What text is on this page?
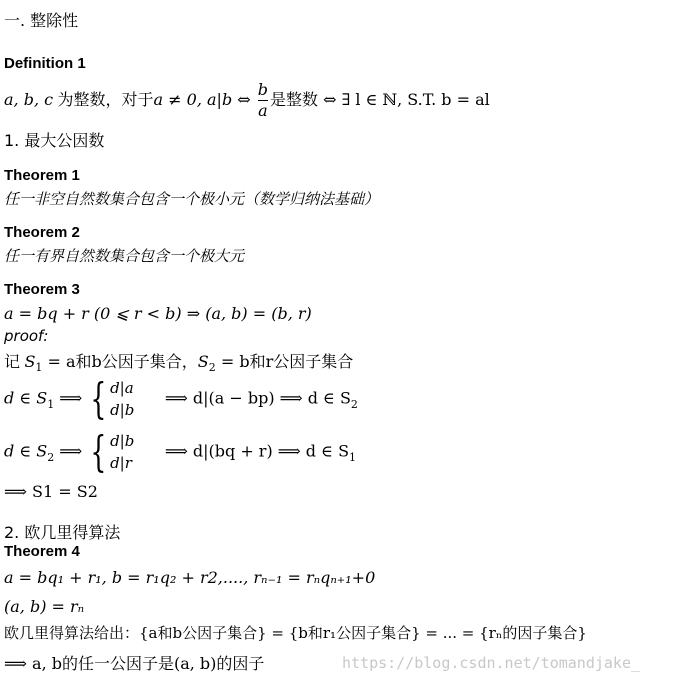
一. 整除性
Definition 1
a, b, c 为整数，对于a ≠ 0, a|b ⇔ $\frac{b}{a}$ 是整数 ⇔ ∃ l ∈ ℕ, S.T. b = al
1. 最大公因数
Theorem 1
任一非空自然数集合包含一个极小元（数学归纳法基础）
Theorem 2
任一有界自然数集合包含一个极大元
Theorem 3
a = bq + r (0 ⩽ r < b) ⇒ (a, b) = (b, r)
proof:
记 $S_1 = a$和b公因子集合，$S_2 = b$和r公因子集合
d ∈ $S_1$ ⟹ { d|a
d|b      ⟹ d|(a − bp) ⟹ d ∈ $S_2$
d ∈ $S_2$ ⟹ { d|b
d|r      ⟹ d|(bq + r) ⟹ d ∈ $S_1$
⟹ S1 = S2
2. 欧几里得算法
Theorem 4
a = bq₁ + r₁, b = r₁q₂ + r2,...., rₙ₋₁ = rₙqₙ₊₁+0
(a, b) = rₙ
欧几里得算法给出：{a和b公因子集合} = {b和r₁公因子集合} = ... = {rₙ的因子集合}
⟹ a, b的任一公因子是(a, b)的因子	https://blog.csdn.net/tomandjake_
